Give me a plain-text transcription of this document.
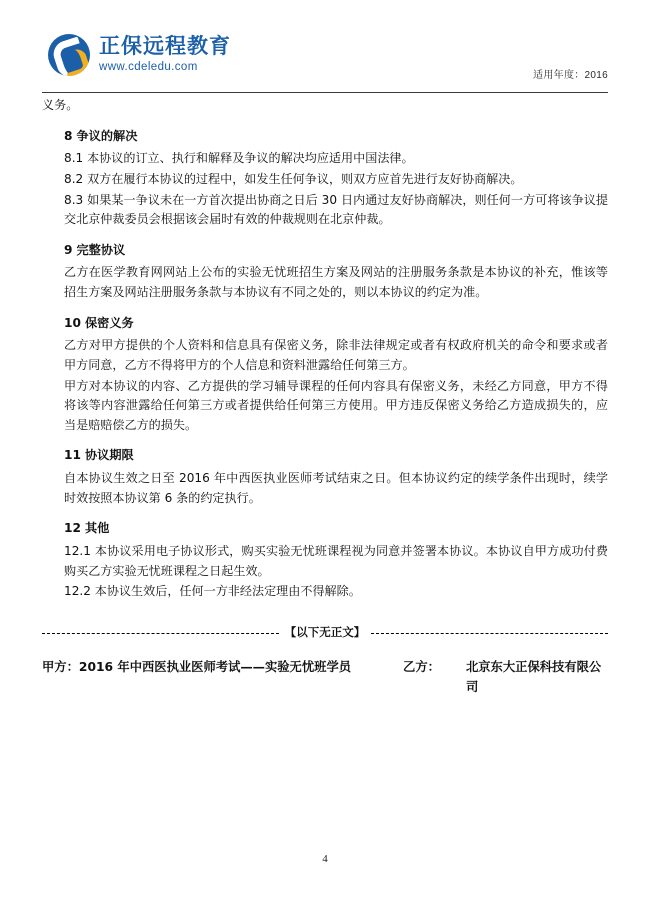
正保远程教育
www.cdeledu.com
适用年度：2016
义务。
8 争议的解决
8.1 本协议的订立、执行和解释及争议的解决均应适用中国法律。
8.2 双方在履行本协议的过程中，如发生任何争议，则双方应首先进行友好协商解决。
8.3 如果某一争议未在一方首次提出协商之日后 30 日内通过友好协商解决，则任何一方可将该争议提交北京仲裁委员会根据该会届时有效的仲裁规则在北京仲裁。
9 完整协议
乙方在医学教育网网站上公布的实验无忧班招生方案及网站的注册服务条款是本协议的补充，惟该等招生方案及网站注册服务条款与本协议有不同之处的，则以本协议的约定为准。
10 保密义务
乙方对甲方提供的个人资料和信息具有保密义务，除非法律规定或者有权政府机关的命令和要求或者甲方同意，乙方不得将甲方的个人信息和资料泄露给任何第三方。
甲方对本协议的内容、乙方提供的学习辅导课程的任何内容具有保密义务，未经乙方同意，甲方不得将该等内容泄露给任何第三方或者提供给任何第三方使用。甲方违反保密义务给乙方造成损失的，应当是赔赔偿乙方的损失。
11 协议期限
自本协议生效之日至 2016 年中西医执业医师考试结束之日。但本协议约定的续学条件出现时，续学时效按照本协议第 6 条的约定执行。
12 其他
12.1 本协议采用电子协议形式，购买实验无忧班课程视为同意并签署本协议。本协议自甲方成功付费购买乙方实验无忧班课程之日起生效。
12.2 本协议生效后，任何一方非经法定理由不得解除。
【以下无正文】
甲方：2016 年中西医执业医师考试——实验无忧班学员	乙方： 北京东大正保科技有限公司
4
